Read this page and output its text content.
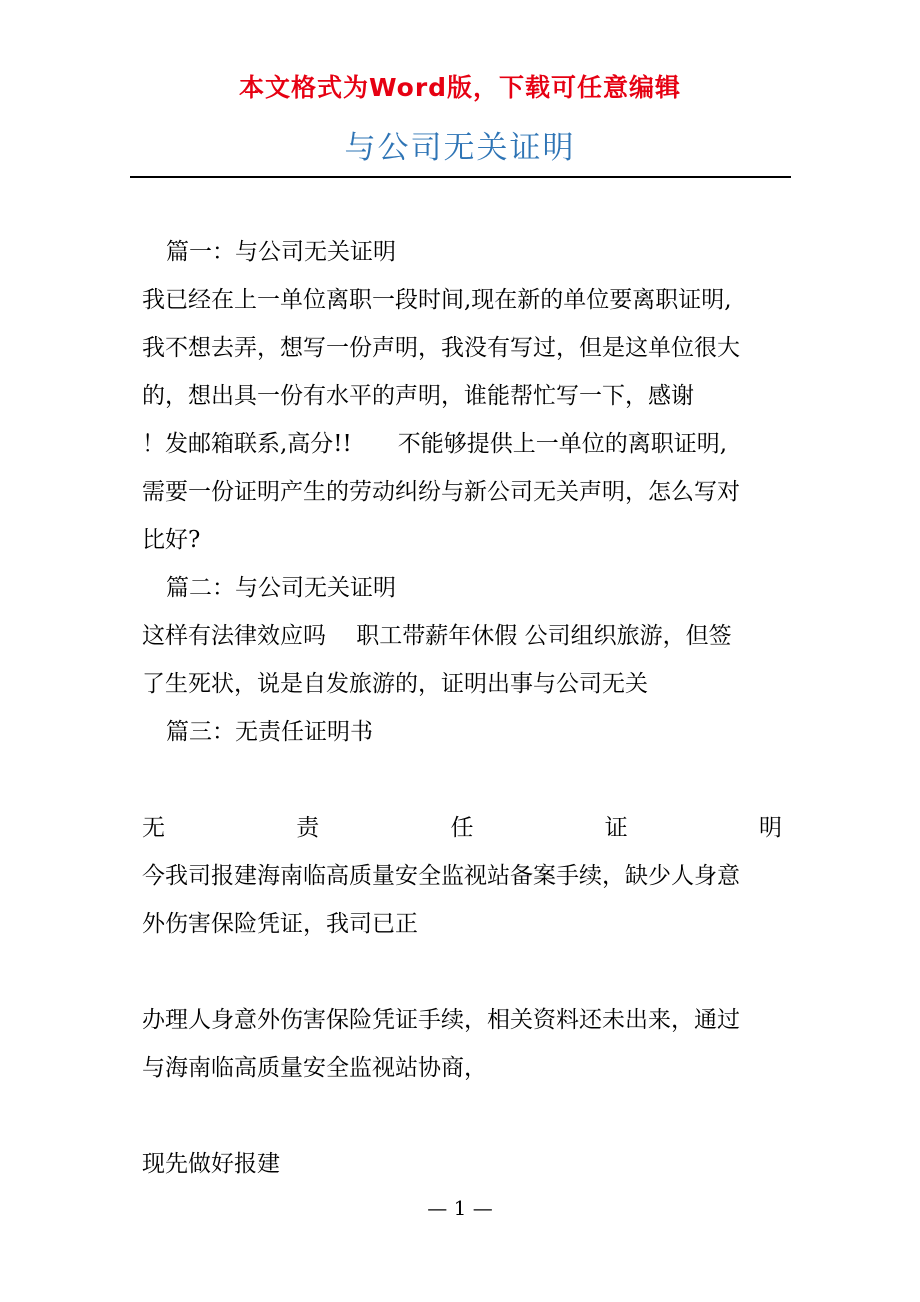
本文格式为Word版，下载可任意编辑
与公司无关证明
篇一：与公司无关证明
我已经在上一单位离职一段时间,现在新的单位要离职证明,
我不想去弄，想写一份声明，我没有写过，但是这单位很大
的，想出具一份有水平的声明，谁能帮忙写一下，感谢
！发邮箱联系,高分!!　　不能够提供上一单位的离职证明,
需要一份证明产生的劳动纠纷与新公司无关声明，怎么写对
比好?
篇二：与公司无关证明
这样有法律效应吗　 职工带薪年休假 公司组织旅游，但签
了生死状，说是自发旅游的，证明出事与公司无关
篇三：无责任证明书
无	责	任	证	明
今我司报建海南临高质量安全监视站备案手续，缺少人身意
外伤害保险凭证，我司已正
办理人身意外伤害保险凭证手续，相关资料还未出来，通过
与海南临高质量安全监视站协商，
现先做好报建
— 1 —
